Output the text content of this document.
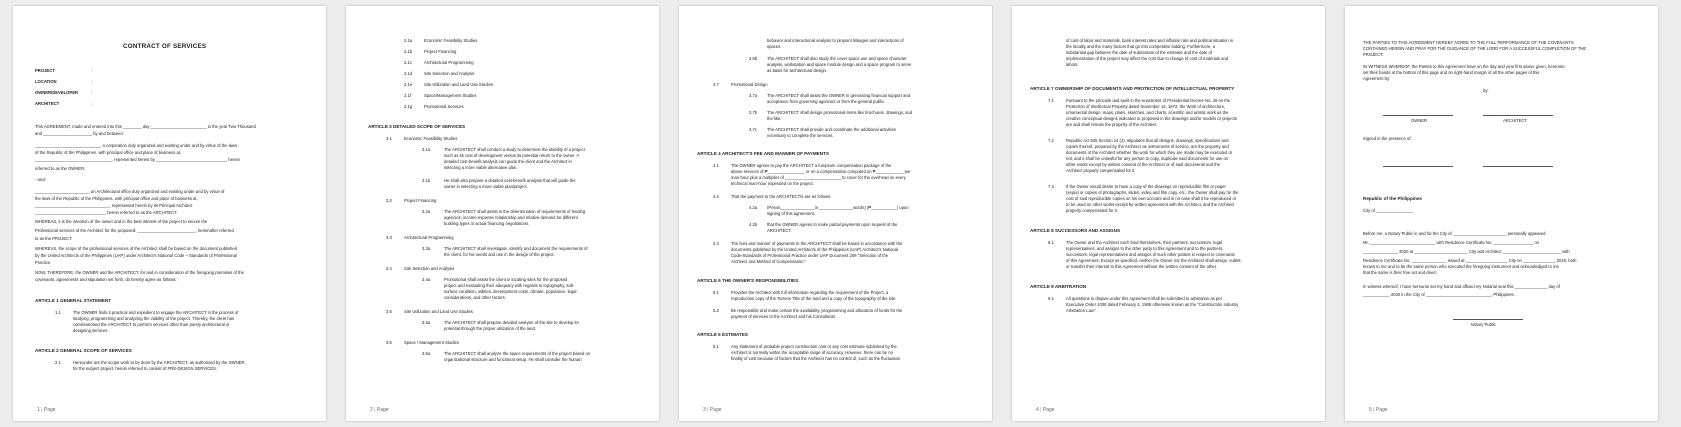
CONTRACT OF SERVICES
PROJECT	:
LOCATION	:
OWNER/DEVELOPER	:
ARCHITECT	:
This AGREEMENT, made and entered into this ________ day ________________________ in the year Two Thousand
and _____________________ by and between:
____________________________, a corporation duly organized and existing under and by virtue of the laws
of the Republic of the Philippines, with principal office and place of business at,
_________________________________, represented herein by ______________________________, herein
referred to as the OWNER,
- and-
_______________________, an Architectural office duly organized and existing under and by virtue of
the laws of the Republic of the Philippines, with principal office and place of business at,
________________________________, represented herein by its Principal Architect
______________________________, herein referred to as the ARCHITECT.
WHEREAS, it is the intention of the owner and in the best interest of the project to secure the
Professional services of the Architect for the proposed: _________________________, hereinafter referred
to as the PROJECT.
WHEREAS, the scope of the professional services of the Architect shall be based on the document published
by the United Architects of the Philippines (UAP) under Architect's National Code – Standards of Professional
Practice.
NOW, THEREFORE, the OWNER and the ARCHITECT, for and in consideration of the foregoing premises of the
covenants, agreements and stipulation set forth, do hereby agree as follows:
ARTICLE 1 GENERAL STATEMENT
1.1	The OWNER finds it practical and expedient to engage the ARCHITECT in the process of
studying, programming and analyzing the viability of the project. Thereby, the client has
commissioned the ARCHITECT to perform services other than purely architectural or
designing services.
ARTICLE 2 GENERAL SCOPE OF SERVICES
2.1	Hereunder are the scope work to be done by the ARCHITECT, as authorized by the OWNER,
for the subject project, herein referred to consist of PRE-DESIGN SERVICES.
1 | Page
2.1a	Economic Feasibility Studies
2.1b	Project Financing
2.1c	Architectural Programming
2.1d	Site Selection and Analysis
2.1e	Site Utilization and Land Use Studies
2.1f	Space/Management Studies
2.1g	Promotional Services
ARTICLE 3 DETAILED SCOPE OF SERVICES
3.1	Economic Feasibility Studies
3.1a	The ARCHITECT shall conduct a study to determine the stability of a project
such as its cost of development versus its potential return to the owner. A
detailed cost-benefit analysis can guide the client and the Architect in
selecting a more viable alternative plan.
3.1b	He shall also prepare a detailed cost-benefit analysis that will guide the
owner in selecting a more viable plan/project.
3.2	Project Financing
3.2a	The ARCHITECT shall assist in the determination of requirements of lending
agencies, income-expense relationship and relative demand for different
building types in actual financing negotiations.
3.3	Architectural Programming
3.3a	The ARCHITECT shall investigate, identify and document the requirements of
the client, for his needs and use in the design of the project.
3.4	Site Selection and Analysis
3.4a	Promotional shall assist the client in locating sites for the proposed
project and evaluating their adequacy with regards to topography, sub-
surface condition, utilities, development costs, climate, population, legal
considerations, and other factors.
3.5	Site Utilization and Land Use Studies
3.5a	The ARCHITECT shall prepare detailed analysis of the site to develop its
potential through the proper utilization of the land.
3.6	Space / Management Studies
3.6a	The ARCHITECT shall analyze the space requirements of the project based on
organizational structure and functional setup. He shall consider the human
2 | Page
behavior and interactional analysis to pinpoint linkages and interactions of
spaces.
3.6b The ARCHITECT shall also study the cover space use and space character
analysis, workstation and space module design and a space program to serve
as basis for architectural design.
3.7	Promotional Design
3.7a The ARCHITECT shall assist the OWNER in generating financial support and
acceptance from governing agencies or from the general public.
3.7b The ARCHITECT shall design promotional items like brochures, drawings, and
the like.
3.7c The ARCHITECT shall provide and coordinate the additional activities
necessary to complete the services.
ARTICLE 4 ARCHITECT'S FEE AND MANNER OF PAYMENTS
4.1	The OWNER agrees to pay the ARCHITECT a lumpsum compensation package of the
above services of ₱________________ or on a compensation computed on ₱____________ per
man-hour plus a multiplier of ________________________ to cover for the overhead on every
technical man-hour expended on the project.
4.2	That the payment to the ARCHITECT/s are as follows:
4.2a (Pesos_______________in_______________words) (₱___________) upon
signing of this agreement.
4.2b that the OWNER agrees to make partial payments upon request of the
ARCHITECT.
4.3	The fees and manner of payments to the ARCHITECT shall be based in accordance with the
documents published by the United Architects of the Philippines (UAP) Architect's National
Code-Standards of Professional Practice under UAP Document 208 "Selection of the
Architect and Method of Compensation."
ARTICLE 5 THE OWNER'S RESPONSIBILITIES
5.1	Provides the Architect with full information regarding the requirement of the Project, a
reproduction copy of the Torrens Title of the land and a copy of the topography of the site.
5.2	Be responsible and make certain the availability, programming and allocation of funds for the
payment of services to the Architect and his Consultants.
ARTICLE 6 ESTIMATES
6.1	Any statement of probable project construction cost or any cost estimate submitted by the
Architect is normally within the acceptable range of accuracy. However, there can be no
finality of cost because of factors that the Architect has no control of, such as the fluctuation
3 | Page
of cost of labor and materials, bank interest rates and inflation rate and political situation in
the locality and the many factors that go into competitive bidding. Furthermore, a
substantial gap between the date of submission of the estimate and the date of
implementation of the project may affect the cost due to change of cost of materials and
labors.
ARTICLE 7 OWNERSHIP OF DOCUMENTS AND PROTECTION OF INTELLECTUAL PROPERTY
7.1	Pursuant to the principle and spirit in the enactment of Presidential Decree No. 49 on the
Protection of Intellectual Property dated November 14, 1972, the Work of architecture,
ornamental design, maps, plans, sketches, and charts, scientific and artistic work as the
creative conceptual designs indicated or proposed in the drawings and/or models or projects
are and shall remain the property of the Architect.
7.2	Republic Act 545 Section 24 (4), stipulates that all designs, drawings, specifications and
copies thereof, prepared by the Architect as instruments of service, are the property and
documents of the Architect whether the work for which they are made may be executed or
not, and it shall be unlawful for any person to copy, duplicate said documents for use on
other works except by written consent of the Architect or of said documents and the
Architect properly compensated for it.
7.3	If the Owner would desire to have a copy of the drawings on reproducible film or paper
(sepia) or copies of photographs, slides, video and film copy, etc., the Owner shall pay for the
cost of said reproducible copies on his own account and in no case shall it be reproduced or
to be used on other works except by written agreement with the Architect, and the Architect
properly compensated for it.
ARTICLE 8 SUCCESSORS AND ASSIGNS
8.1	The Owner and the Architect each bind themselves, their partners, successors, legal
representatives, and assigns to the other party to this Agreement and to the partners,
successors, legal representatives and assigns of such other parties in respect to covenants
of this Agreement. Except as specified, neither the Owner nor the Architect shall assign, sublet,
or transfer their interest to this Agreement without the written consent of the other.
ARTICLE 9 ARBITRATION
9.1	All questions in dispute under this Agreement shall be submitted to arbitration as per
Executive Order 1008 dated February 4, 1985 otherwise known as the "Construction Industry
Arbitration Law".
4 | Page
THE PARTIES TO THIS AGREEMENT HEREBY AGREE TO THE FULL PERFORMANCE OF THE COVENANTS
CONTAINED HEREIN AND PRAY FOR THE GUIDANCE OF THE LORD FOR A SUCCESSFUL COMPLETION OF THE
PROJECT.
IN WITNESS WHEREOF, the Parties to this Agreement have on the day and year first above given, hereunto
set their hands at the bottom of this page and on right-hand margin of all the other pages of this
Agreement by:
by:
OWNER	ARCHITECT
Signed in the presence of:
Republic of the Philippines
City of ________________
Before me, a Notary Public in and for the City of _______________________ personally appeared
Mr. ____________________________ with Residence Certificate No. _________________ on
_______________ 2020 at _______________________ City and Architect _________________________ with
Residence Certificate No. _______________ issued at __________________ City on ______________ 2020, both
known to me and to be the same person who executed the foregoing instrument and acknowledged to me
that the same is their free act and deed.
In witness whereof, I have hereunto set my hand and affixed my Notarial seal this ______________ day of
___________, 2020 in the City of ____________________________, Philippines.
Notary Public
5 | Page
